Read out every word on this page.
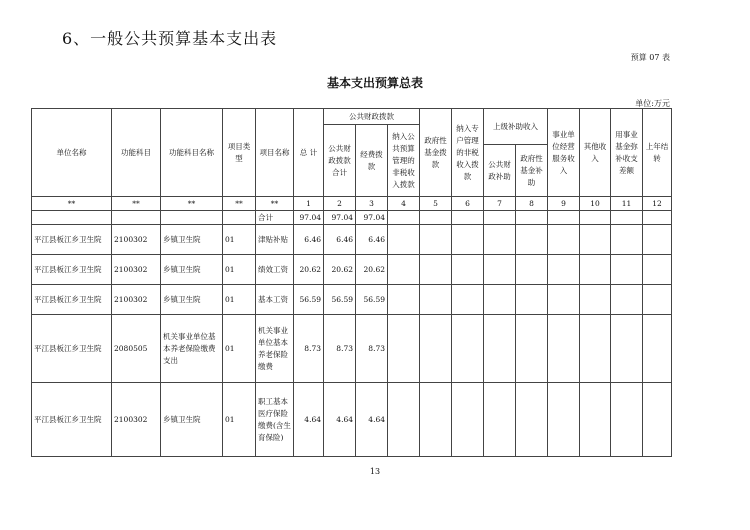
6、一般公共预算基本支出表
预算 07 表
基本支出预算总表
单位:万元
单位名称	功能科目	功能科目名称	项目类型	项目名称	总 计	公共财政拨款			政府性基金拨款	纳入专户管理的非税收入拨款	上级补助收入		事业单位经营服务收入	其他收入	用事业基金弥补收支差额	上年结转
						公共财政拨款合计	经费拨款	纳入公共预算管理的非税收入拨款								
											公共财政补助	政府性基金补助				
**	**	**	**	**	1	2	3	4	5	6	7	8	9	10	11	12
				合计	97.04	97.04	97.04									
平江县板江乡卫生院	2100302	乡镇卫生院	01	津贴补贴	6.46	6.46	6.46									
平江县板江乡卫生院	2100302	乡镇卫生院	01	绩效工资	20.62	20.62	20.62									
平江县板江乡卫生院	2100302	乡镇卫生院	01	基本工资	56.59	56.59	56.59									
平江县板江乡卫生院	2080505	机关事业单位基本养老保险缴费支出	01	机关事业单位基本养老保险缴费	8.73	8.73	8.73									
平江县板江乡卫生院	2100302	乡镇卫生院	01	职工基本医疗保险缴费(含生育保险)	4.64	4.64	4.64									
13
